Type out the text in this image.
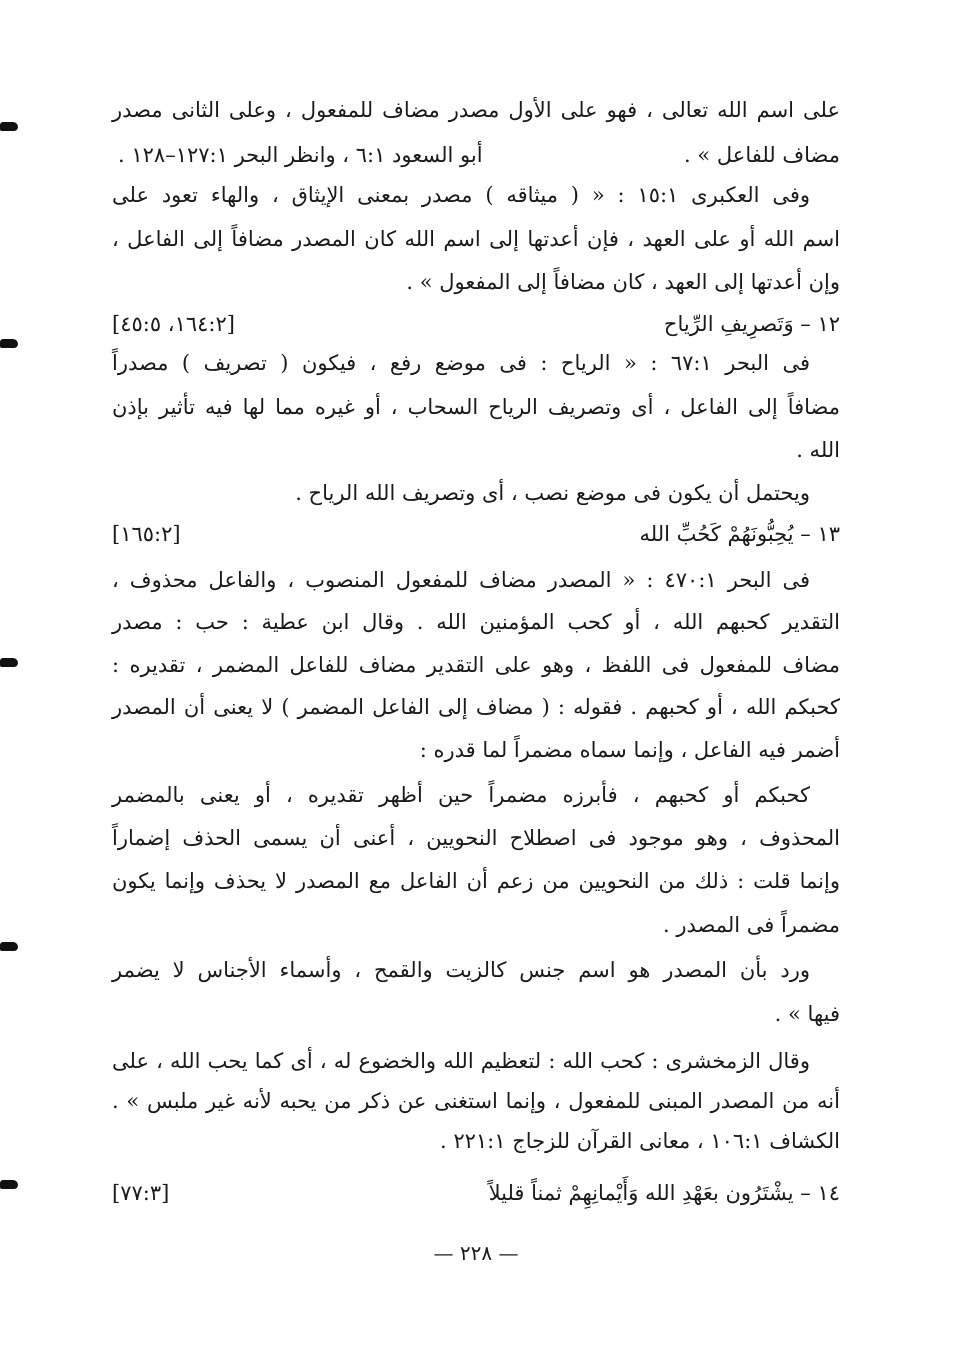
على اسم الله تعالى ، فهو على الأول مصدر مضاف للمفعول ، وعلى الثانى مصدر
مضاف للفاعل » .
أبو السعود ٦:١ ، وانظر البحر ١٢٧:١–١٢٨ .
وفى العكبرى ١٥:١ : « ( ميثاقه ) مصدر بمعنى الإيثاق ، والهاء تعود على
اسم الله أو على العهد ، فإن أعدتها إلى اسم الله كان المصدر مضافاً إلى الفاعل ،
وإن أعدتها إلى العهد ، كان مضافاً إلى المفعول » .
١٢ – وَتَصرِيفِ الرِّياح
[١٦٤:٢، ٤٥:٥]
فى البحر ٦٧:١ : « الرياح : فى موضع رفع ، فيكون ( تصريف ) مصدراً
مضافاً إلى الفاعل ، أى وتصريف الرياح السحاب ، أو غيره مما لها فيه تأثير بإذن
الله .
ويحتمل أن يكون فى موضع نصب ، أى وتصريف الله الرياح .
١٣ – يُحِبُّونَهُمْ كَحُبِّ الله
[١٦٥:٢]
فى البحر ٤٧٠:١ : « المصدر مضاف للمفعول المنصوب ، والفاعل محذوف ،
التقدير كحبهم الله ، أو كحب المؤمنين الله . وقال ابن عطية : حب : مصدر
مضاف للمفعول فى اللفظ ، وهو على التقدير مضاف للفاعل المضمر ، تقديره :
كحبكم الله ، أو كحبهم . فقوله : ( مضاف إلى الفاعل المضمر ) لا يعنى أن المصدر
أضمر فيه الفاعل ، وإنما سماه مضمراً لما قدره :
كحبكم أو كحبهم ، فأبرزه مضمراً حين أظهر تقديره ، أو يعنى بالمضمر
المحذوف ، وهو موجود فى اصطلاح النحويين ، أعنى أن يسمى الحذف إضماراً
وإنما قلت : ذلك من النحويين من زعم أن الفاعل مع المصدر لا يحذف وإنما يكون
مضمراً فى المصدر .
ورد بأن المصدر هو اسم جنس كالزيت والقمح ، وأسماء الأجناس لا يضمر
فيها » .
وقال الزمخشرى : كحب الله : لتعظيم الله والخضوع له ، أى كما يحب الله ، على
أنه من المصدر المبنى للمفعول ، وإنما استغنى عن ذكر من يحبه لأنه غير ملبس » .
الكشاف ١٠٦:١ ، معانى القرآن للزجاج ٢٢١:١ .
١٤ – يشْتَرُون بعَهْدِ الله وَأَيْمانِهِمْ ثمناً قليلاً
[٧٧:٣]
— ٢٢٨ —
